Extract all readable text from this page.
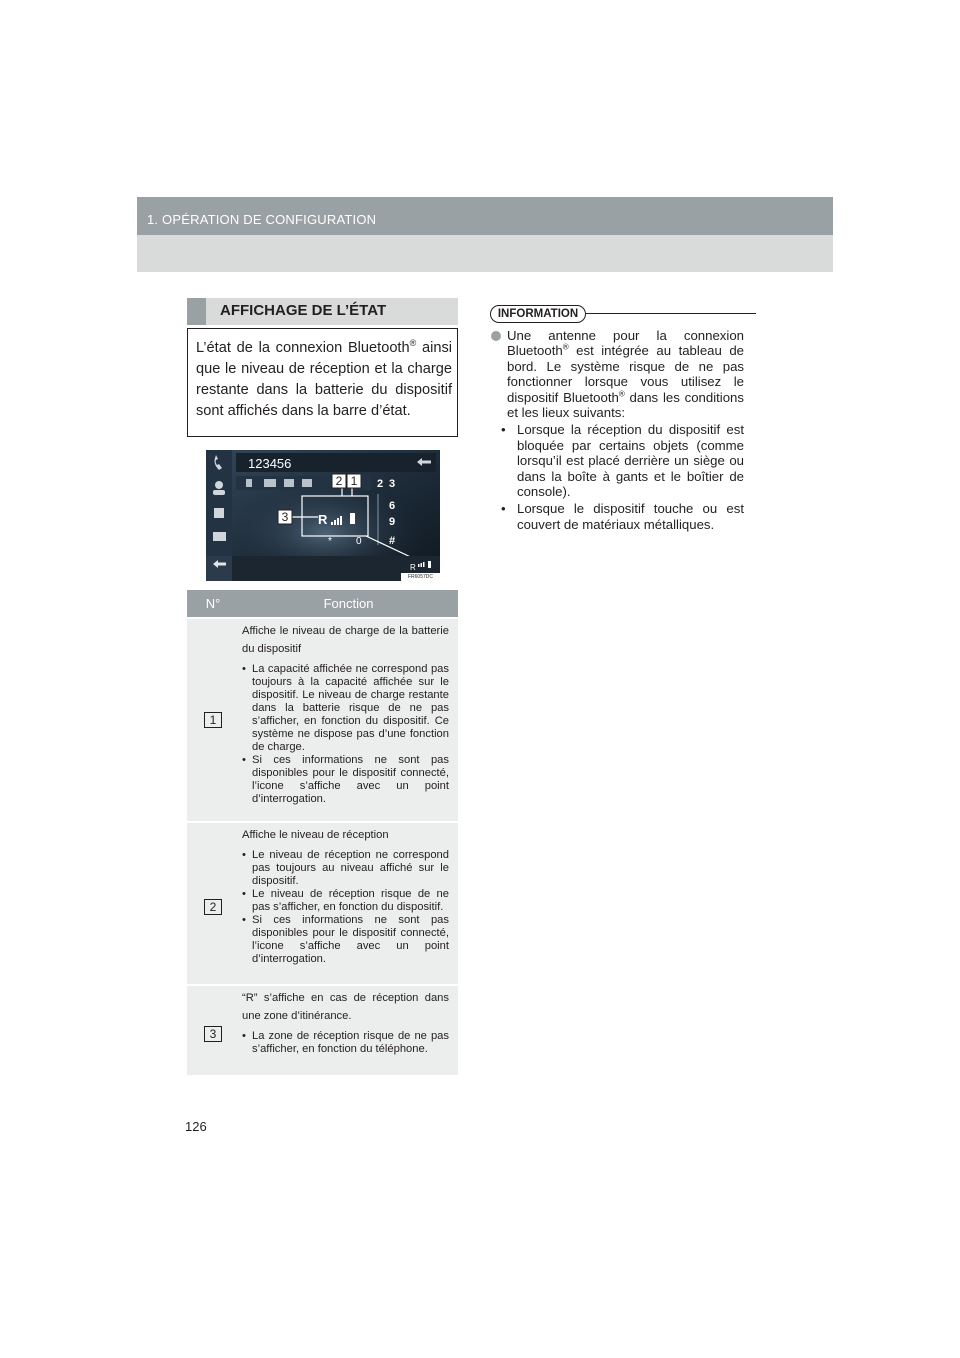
1. OPÉRATION DE CONFIGURATION
AFFICHAGE DE L’ÉTAT

L’état de la connexion Bluetooth® ainsi que le niveau de réception et la charge restante dans la batterie du dispositif sont affichés dans la barre d’état.

123456
2 3
6
9
#
* 0
R
2 1
3
R
FR6057DC
N°	Fonction
1
Affiche le niveau de charge de la batterie du dispositif
• La capacité affichée ne correspond pas toujours à la capacité affichée sur le dispositif. Le niveau de charge restante dans la batterie risque de ne pas s’afficher, en fonction du dispositif. Ce système ne dispose pas d’une fonction de charge.
• Si ces informations ne sont pas disponibles pour le dispositif connecté, l’icone s’affiche avec un point d’interrogation.
2
Affiche le niveau de réception
• Le niveau de réception ne correspond pas toujours au niveau affiché sur le dispositif.
• Le niveau de réception risque de ne pas s’afficher, en fonction du dispositif.
• Si ces informations ne sont pas disponibles pour le dispositif connecté, l’icone s’affiche avec un point d’interrogation.
3
“R” s’affiche en cas de réception dans une zone d’itinérance.
• La zone de réception risque de ne pas s’afficher, en fonction du téléphone.
INFORMATION
Une antenne pour la connexion Bluetooth® est intégrée au tableau de bord. Le système risque de ne pas fonctionner lorsque vous utilisez le dispositif Bluetooth® dans les conditions et les lieux suivants:
• Lorsque la réception du dispositif est bloquée par certains objets (comme lorsqu’il est placé derrière un siège ou dans la boîte à gants et le boîtier de console).
• Lorsque le dispositif touche ou est couvert de matériaux métalliques.
126
